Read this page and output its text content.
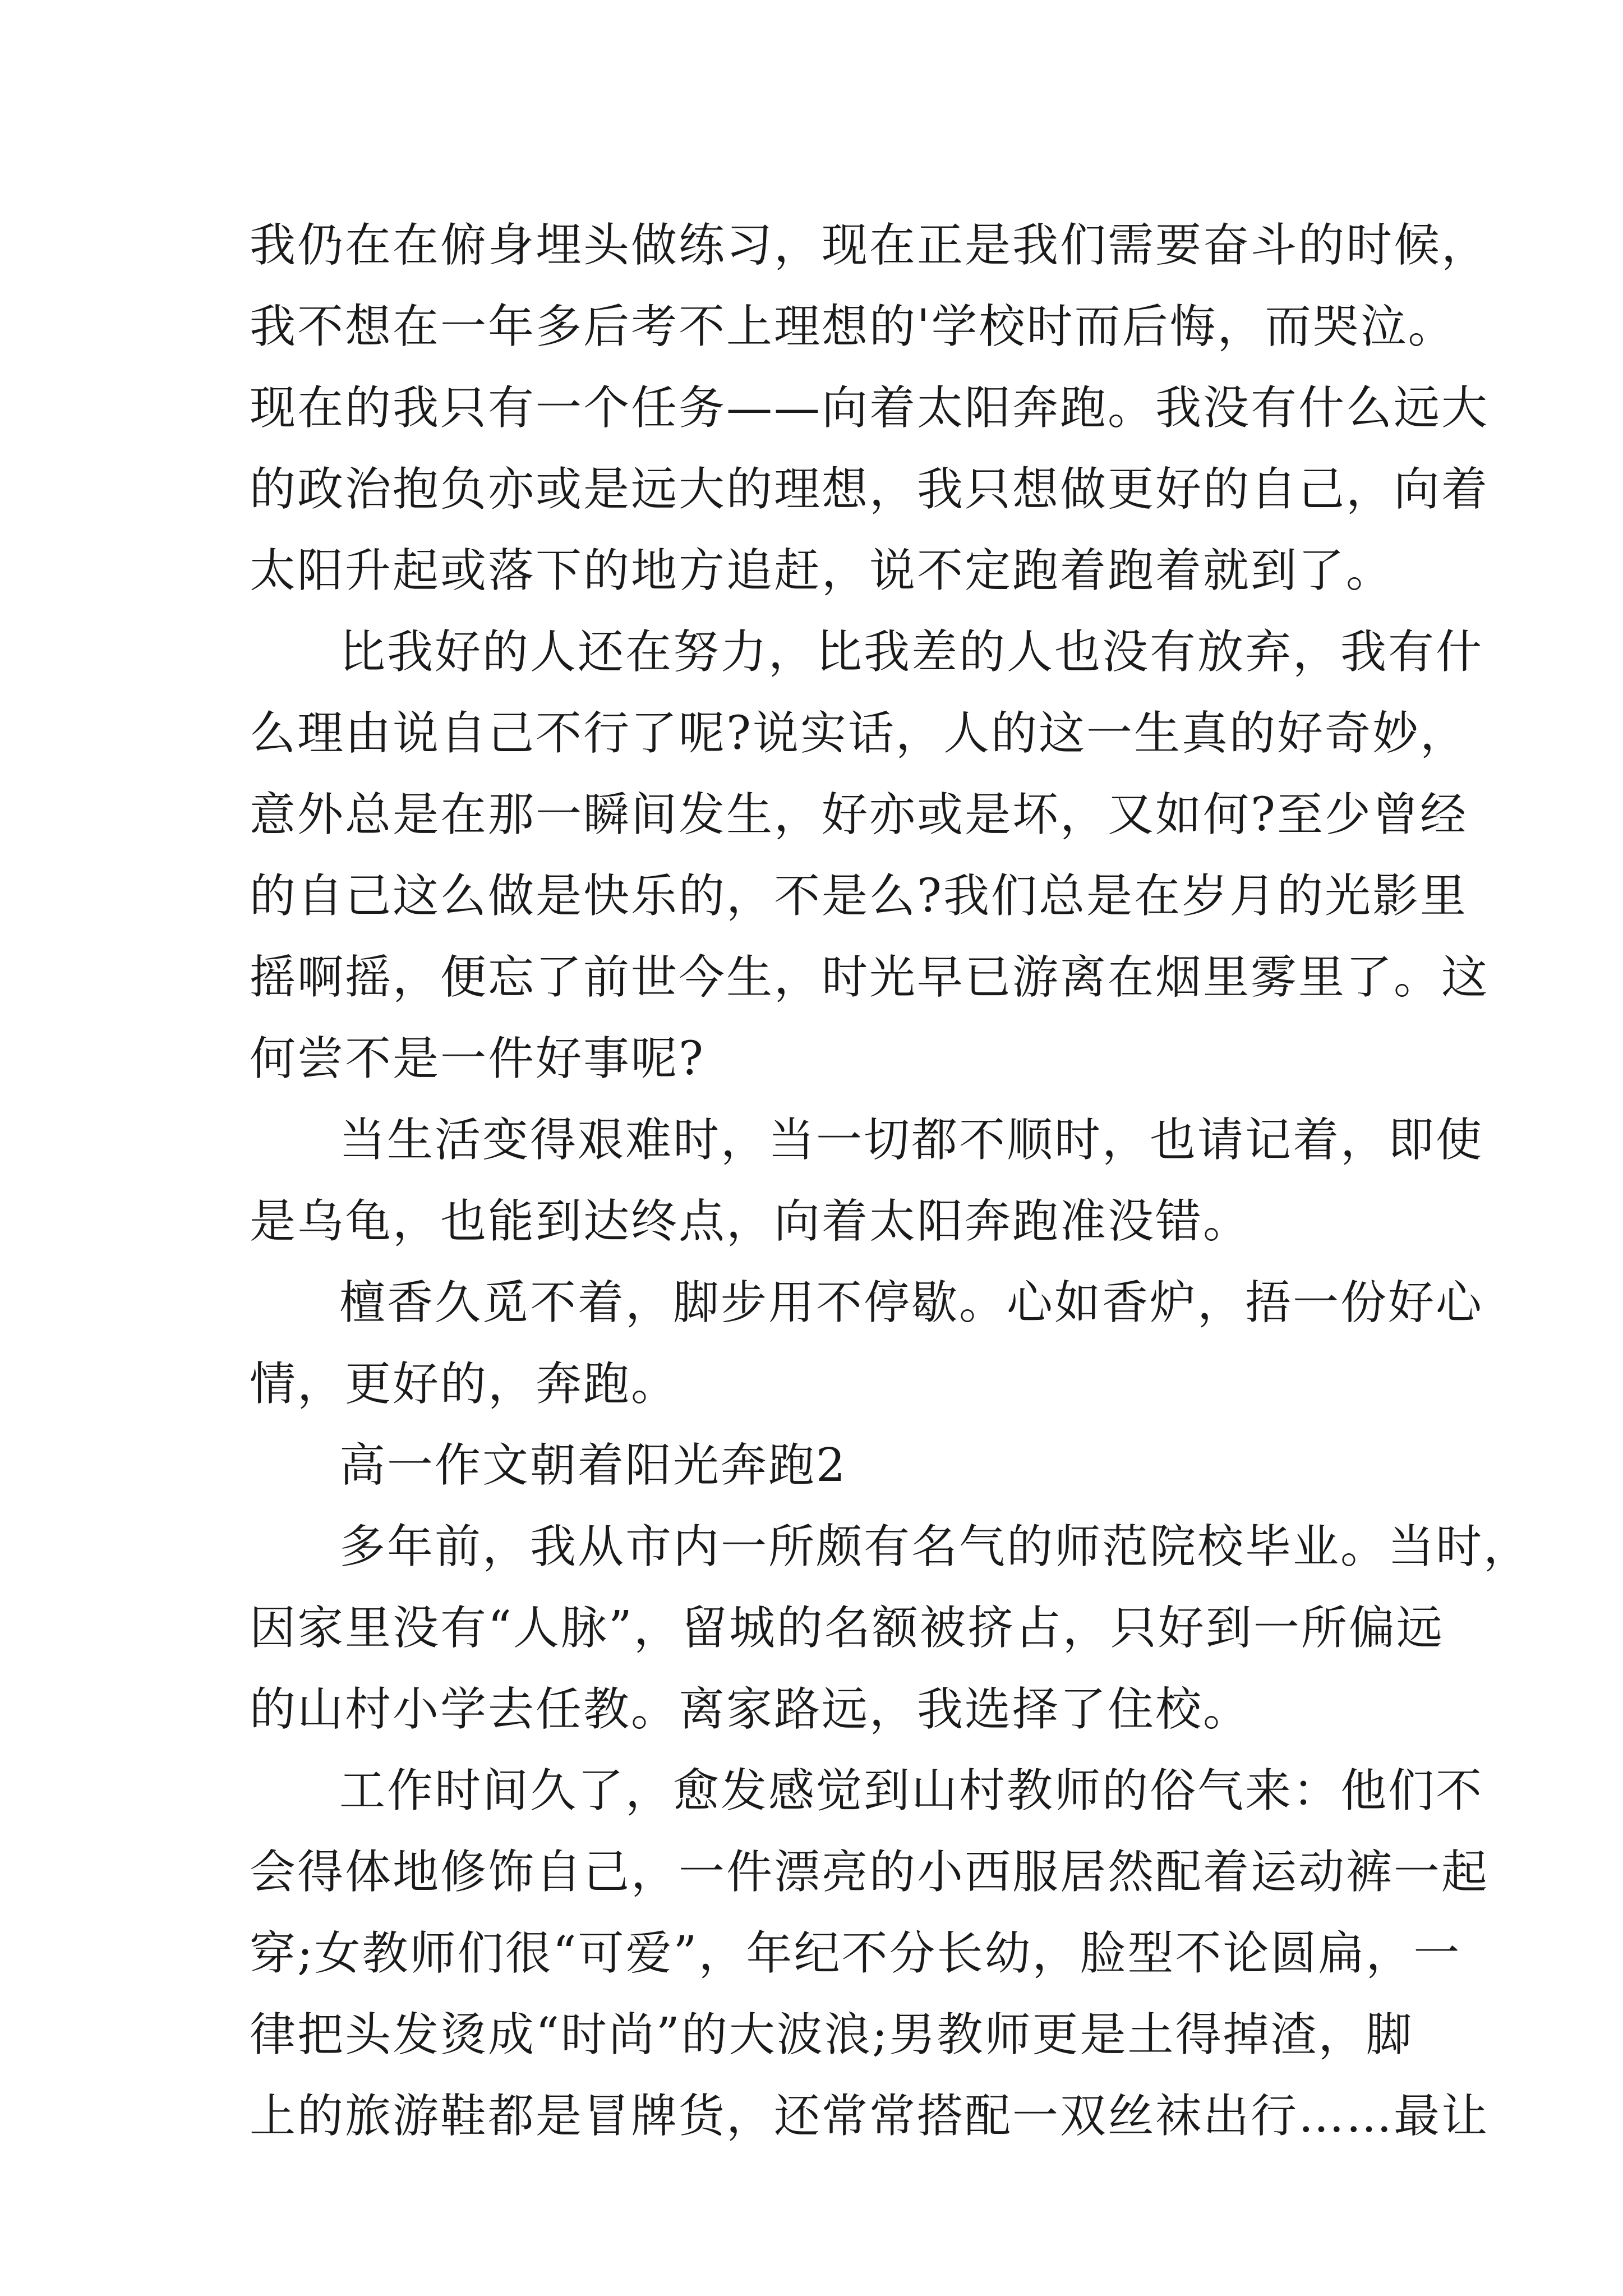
我仍在在俯身埋头做练习，现在正是我们需要奋斗的时候，
我不想在一年多后考不上理想的'学校时而后悔，而哭泣。
现在的我只有一个任务——向着太阳奔跑。我没有什么远大
的政治抱负亦或是远大的理想，我只想做更好的自己，向着
太阳升起或落下的地方追赶，说不定跑着跑着就到了。
比我好的人还在努力，比我差的人也没有放弃，我有什
么理由说自己不行了呢?说实话，人的这一生真的好奇妙，
意外总是在那一瞬间发生，好亦或是坏，又如何?至少曾经
的自己这么做是快乐的，不是么?我们总是在岁月的光影里
摇啊摇，便忘了前世今生，时光早已游离在烟里雾里了。这
何尝不是一件好事呢?
当生活变得艰难时，当一切都不顺时，也请记着，即使
是乌龟，也能到达终点，向着太阳奔跑准没错。
檀香久觅不着，脚步用不停歇。心如香炉，捂一份好心
情，更好的，奔跑。
高一作文朝着阳光奔跑2
多年前，我从市内一所颇有名气的师范院校毕业。当时，
因家里没有“人脉”，留城的名额被挤占，只好到一所偏远
的山村小学去任教。离家路远，我选择了住校。
工作时间久了，愈发感觉到山村教师的俗气来：他们不
会得体地修饰自己，一件漂亮的小西服居然配着运动裤一起
穿;女教师们很“可爱”，年纪不分长幼，脸型不论圆扁，一
律把头发烫成“时尚”的大波浪;男教师更是土得掉渣，脚
上的旅游鞋都是冒牌货，还常常搭配一双丝袜出行……最让
